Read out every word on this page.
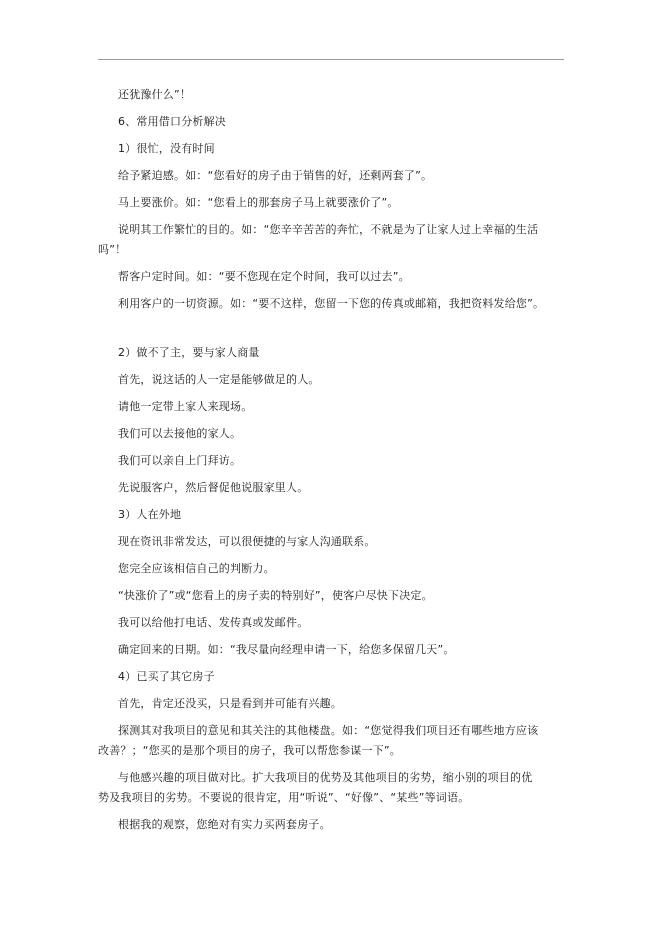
还犹豫什么”！
6、常用借口分析解决
1）很忙，没有时间
给予紧迫感。如：“您看好的房子由于销售的好，还剩两套了”。
马上要涨价。如：“您看上的那套房子马上就要涨价了”。
说明其工作繁忙的目的。如：“您辛辛苦苦的奔忙，不就是为了让家人过上幸福的生活
吗”！
帮客户定时间。如：“要不您现在定个时间，我可以过去”。
利用客户的一切资源。如：“要不这样，您留一下您的传真或邮箱，我把资料发给您”。
2）做不了主，要与家人商量
首先，说这话的人一定是能够做足的人。
请他一定带上家人来现场。
我们可以去接他的家人。
我们可以亲自上门拜访。
先说服客户，然后督促他说服家里人。
3）人在外地
现在资讯非常发达，可以很便捷的与家人沟通联系。
您完全应该相信自己的判断力。
“快涨价了”或“您看上的房子卖的特别好”，使客户尽快下决定。
我可以给他打电话、发传真或发邮件。
确定回来的日期。如：“我尽量向经理申请一下，给您多保留几天”。
4）已买了其它房子
首先，肯定还没买，只是看到并可能有兴趣。
探测其对我项目的意见和其关注的其他楼盘。如：“您觉得我们项目还有哪些地方应该
改善？；“您买的是那个项目的房子，我可以帮您参谋一下”。
与他感兴趣的项目做对比。扩大我项目的优势及其他项目的劣势，缩小别的项目的优
势及我项目的劣势。不要说的很肯定，用“听说”、“好像”、“某些”等词语。
根据我的观察，您绝对有实力买两套房子。
